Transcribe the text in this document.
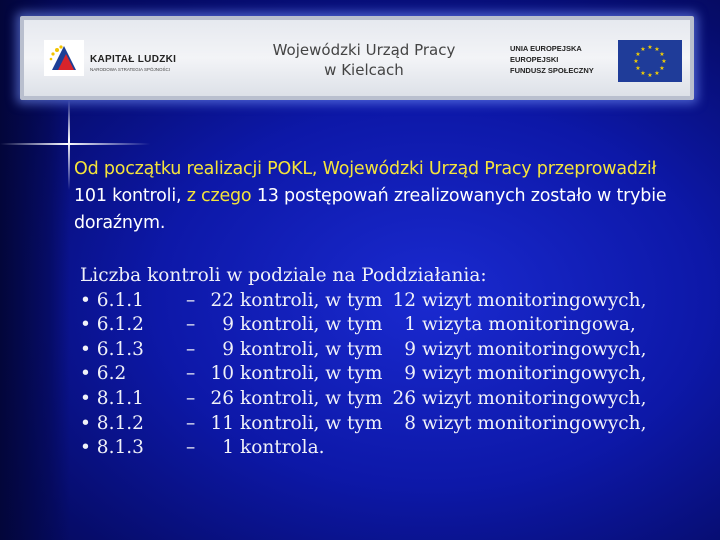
KAPITAŁ LUDZKI
NARODOWA STRATEGIA SPÓJNOŚCI
Wojewódzki Urząd Pracy
w Kielcach
UNIA EUROPEJSKA
EUROPEJSKI
FUNDUSZ SPOŁECZNY
★ ★
★
★
★
★
★
★
★
★
★
★
Od początku realizacji POKL, Wojewódzki Urząd Pracy przeprowadził 101 kontroli, z czego 13 postępowań zrealizowanych zostało w trybie doraźnym.
Liczba kontroli w podziale na Poddziałania:
• 6.1.1	– 22 kontroli, w tym 12 wizyt monitoringowych,
• 6.1.2	–	9 kontroli, w tym	1 wizyta monitoringowa,
• 6.1.3	–	9 kontroli, w tym	9 wizyt monitoringowych,
• 6.2	– 10 kontroli, w tym	9 wizyt monitoringowych,
• 8.1.1	– 26 kontroli, w tym 26 wizyt monitoringowych,
• 8.1.2	– 11 kontroli, w tym	8 wizyt monitoringowych,
• 8.1.3	–	1 kontrola.
